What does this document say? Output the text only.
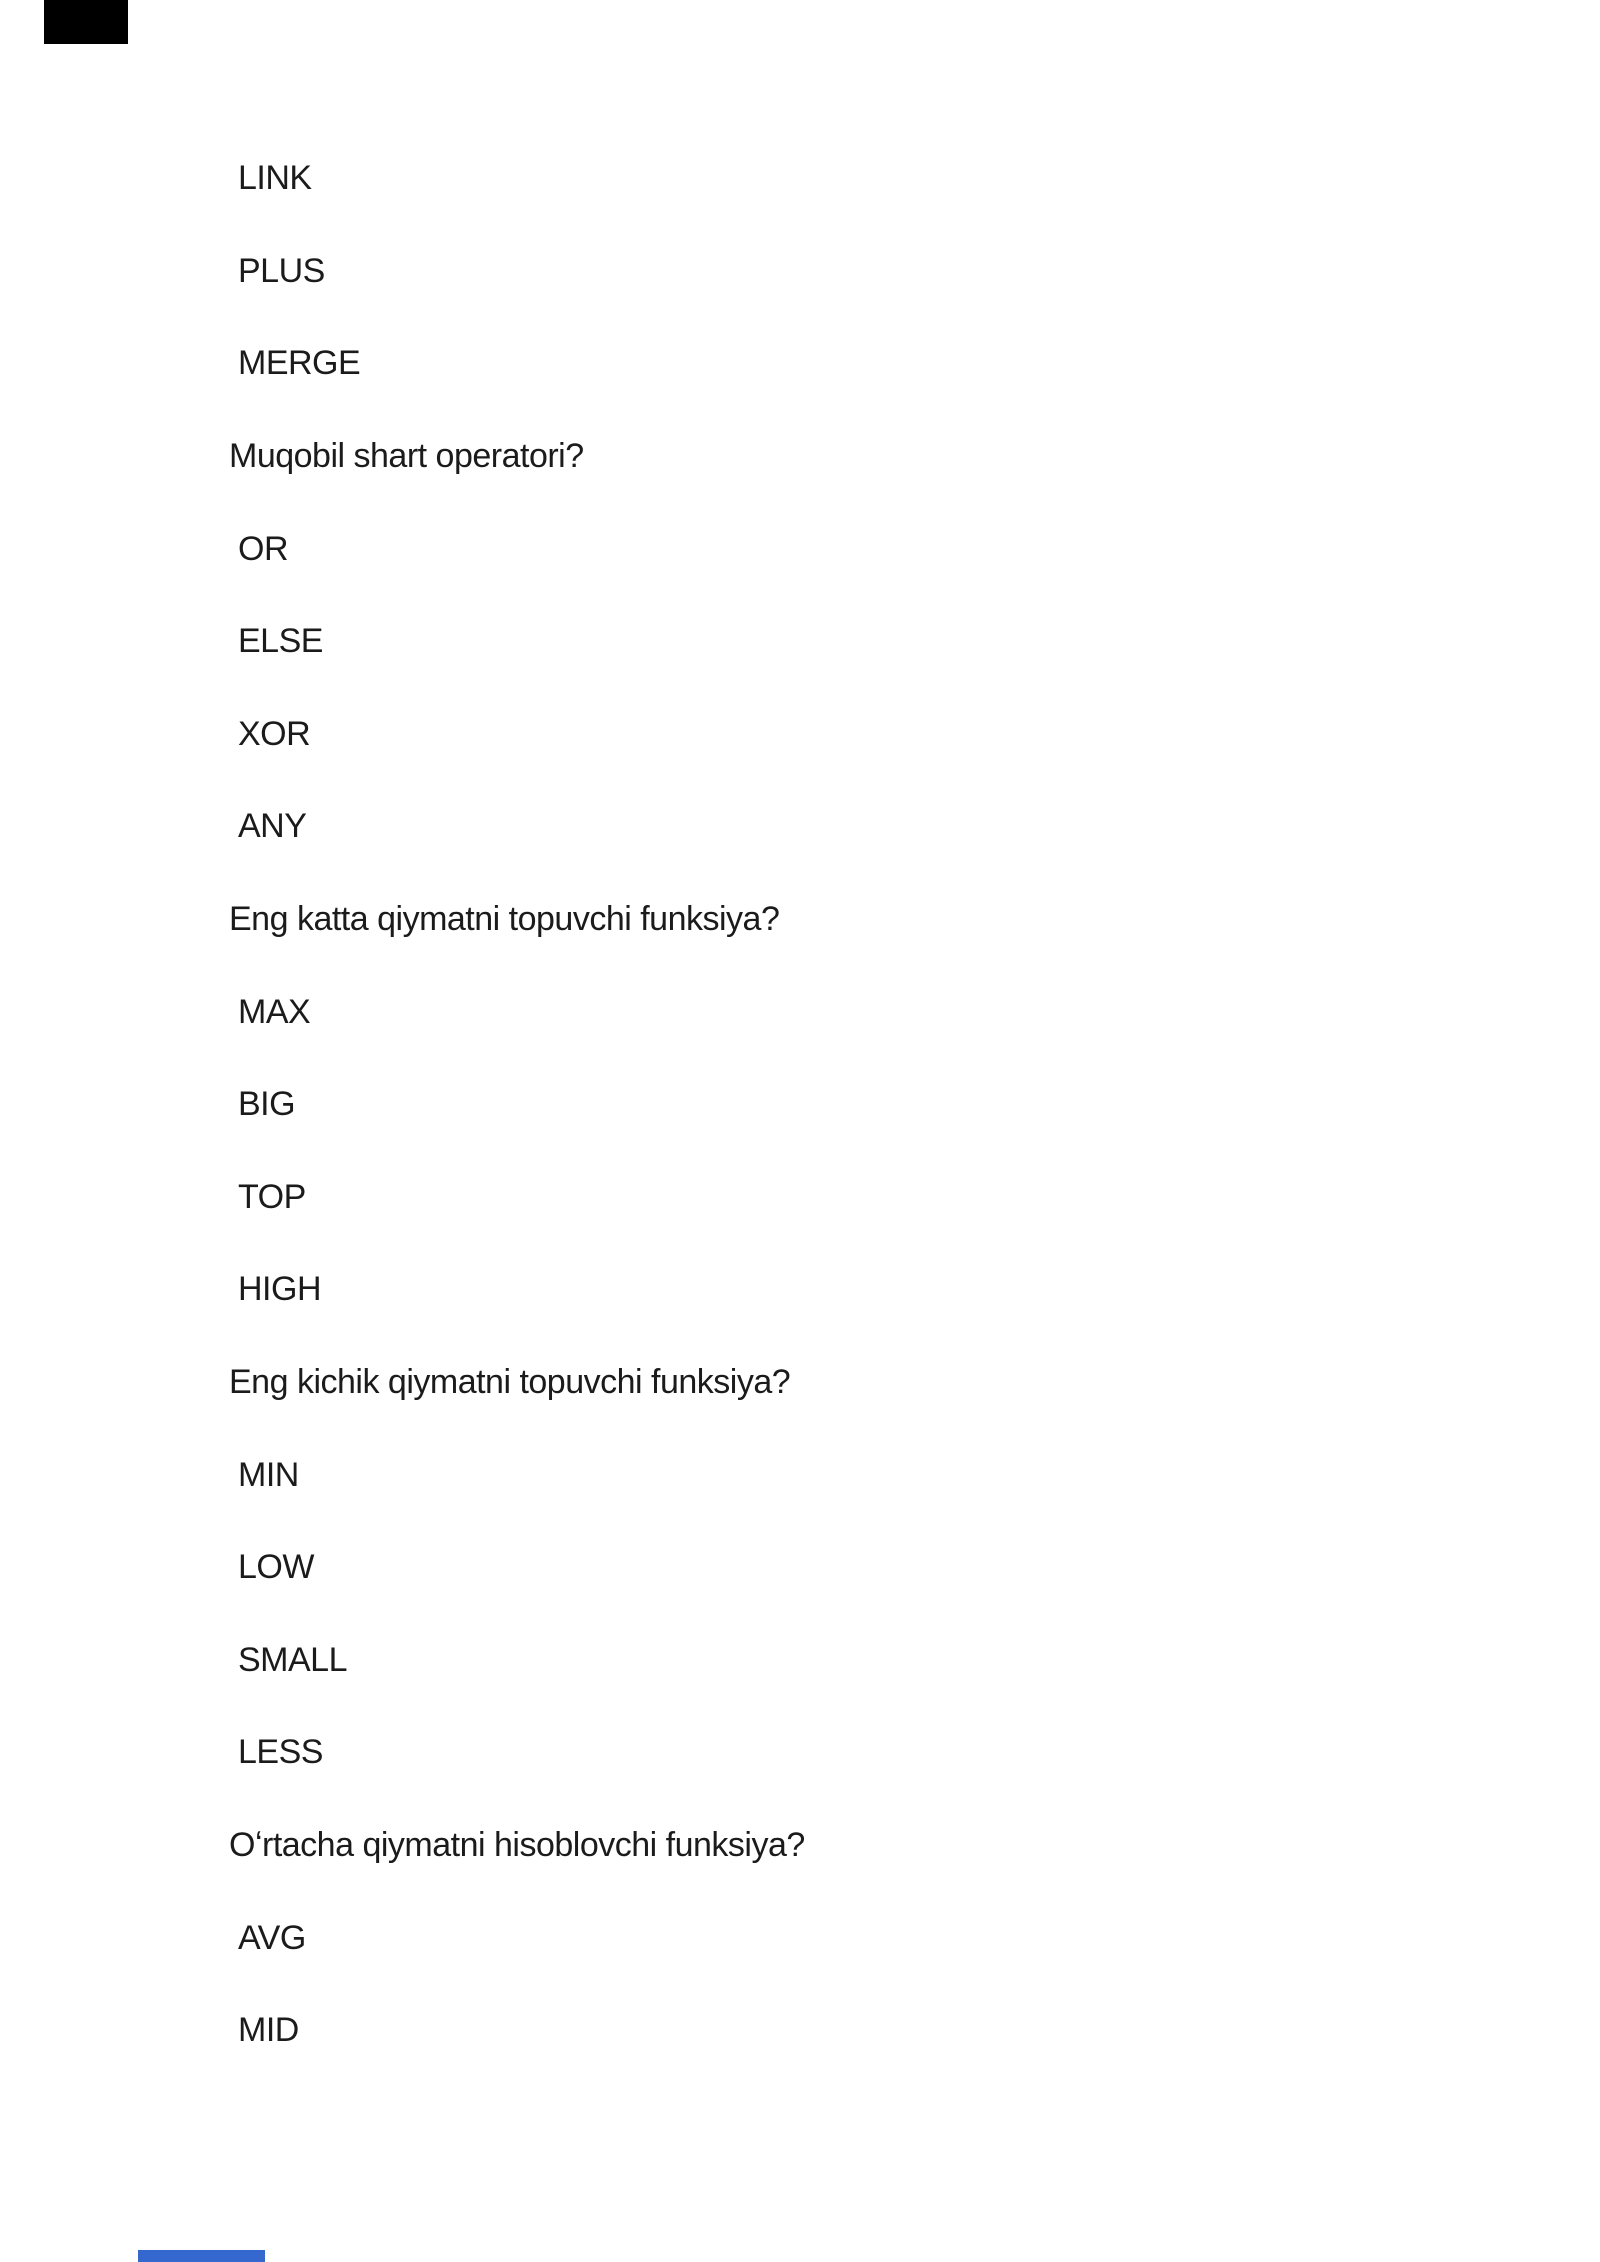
LINK
PLUS
MERGE
Muqobil shart operatori?
OR
ELSE
XOR
ANY
Eng katta qiymatni topuvchi funksiya?
MAX
BIG
TOP
HIGH
Eng kichik qiymatni topuvchi funksiya?
MIN
LOW
SMALL
LESS
Oʻrtacha qiymatni hisoblovchi funksiya?
AVG
MID
